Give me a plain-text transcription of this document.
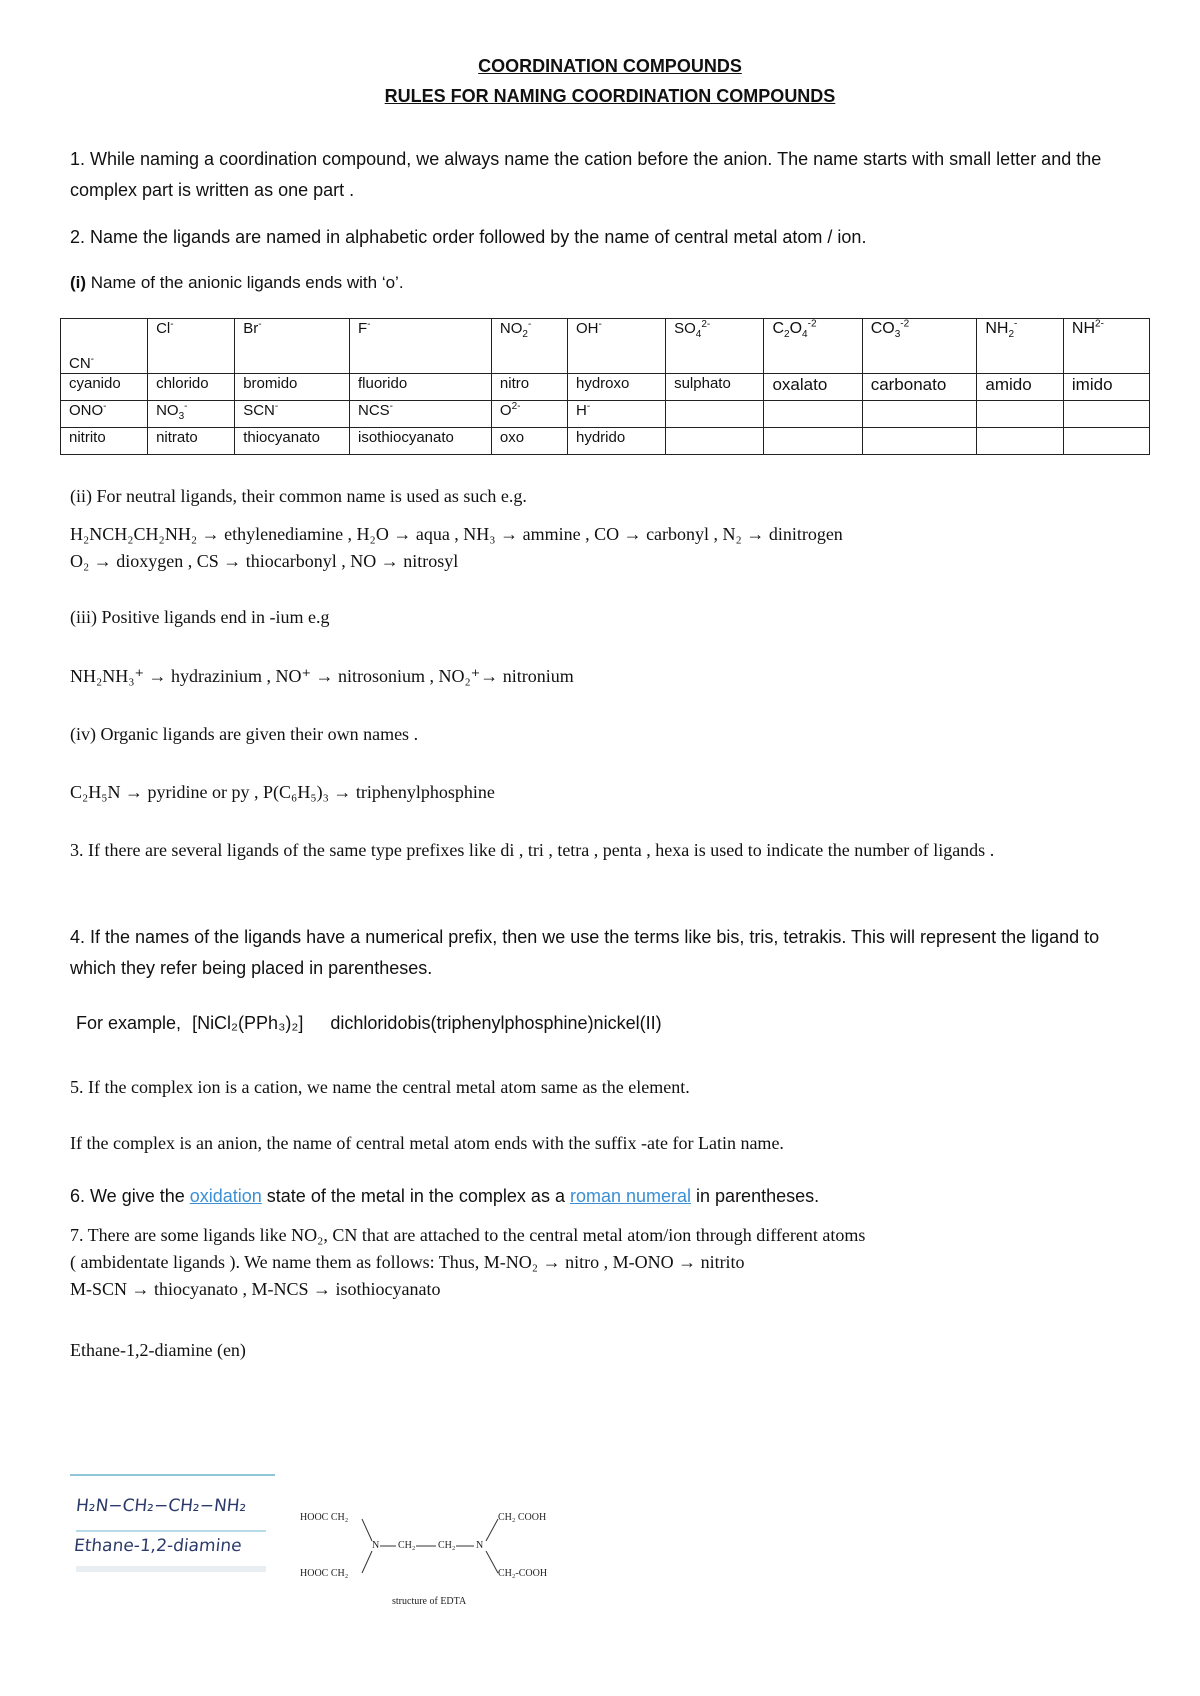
COORDINATION COMPOUNDS
RULES FOR NAMING COORDINATION COMPOUNDS
1. While naming a coordination compound, we always name the cation before the anion. The name starts with small letter and the complex part is written as one part .
2. Name the ligands are named in alphabetic order followed by the name of central metal atom / ion.
(i) Name of the anionic ligands ends with ‘o’.
CN-	Cl-	Br-	F-	$NO_2^-$	OH-	$SO_4^{2-}$	$C_2O_4^{-2}$	$CO_3^{-2}$	$NH_2^-$	$NH^{2-}$
cyanido	chlorido	bromido	fluorido	nitro	hydroxo	sulphato	oxalato	carbonato	amido	imido
ONO-	$NO_3^-$	SCN-	NCS-	$O^{2-}$	H-					
nitrito	nitrato	thiocyanato	isothiocyanato	oxo	hydrido					
(ii) For neutral ligands, their common name is used as such e.g.
H₂NCH₂CH₂NH₂ → ethylenediamine , H₂O → aqua , NH₃ → ammine , CO → carbonyl , N₂ → dinitrogen
O₂ → dioxygen , CS → thiocarbonyl , NO → nitrosyl
(iii) Positive ligands end in -ium e.g
NH₂NH₃⁺ → hydrazinium , NO⁺ → nitrosonium , NO₂⁺→ nitronium
(iv) Organic ligands are given their own names .
C₂H₅N → pyridine or py , P(C₆H₅)₃ → triphenylphosphine
3. If there are several ligands of the same type prefixes like di , tri , tetra , penta , hexa is used to indicate the number of ligands .
4. If the names of the ligands have a numerical prefix, then we use the terms like bis, tris, tetrakis. This will represent the ligand to which they refer being placed in parentheses.
For example, [NiCl₂(PPh₃)₂] dichloridobis(triphenylphosphine)nickel(II)
5. If the complex ion is a cation, we name the central metal atom same as the element.
If the complex is an anion, the name of central metal atom ends with the suffix -ate for Latin name.
6. We give the oxidation state of the metal in the complex as a roman numeral in parentheses.
7. There are some ligands like NO₂, CN that are attached to the central metal atom/ion through different atoms
( ambidentate ligands ). We name them as follows: Thus, M-NO₂ → nitro , M-ONO → nitrito
M-SCN → thiocyanato , M-NCS → isothiocyanato
Ethane-1,2-diamine (en)
H₂N−CH₂−CH₂−NH₂
Ethane-1,2-diamine
HOOC CH₂
HOOC CH₂
N CH₂ CH₂ N
CH₂ COOH
CH₂-COOH
structure of EDTA
